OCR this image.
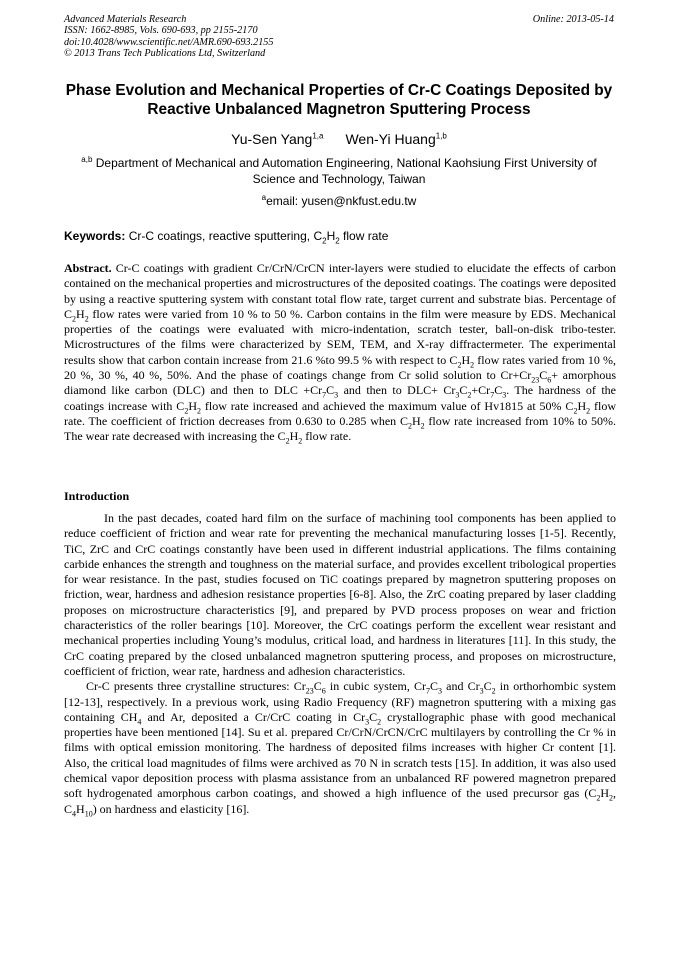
Advanced Materials Research
ISSN: 1662-8985, Vols. 690-693, pp 2155-2170
doi:10.4028/www.scientific.net/AMR.690-693.2155
© 2013 Trans Tech Publications Ltd, Switzerland
Online: 2013-05-14
Phase Evolution and Mechanical Properties of Cr-C Coatings Deposited by Reactive Unbalanced Magnetron Sputtering Process
Yu-Sen Yang$^{1,a}$ Wen-Yi Huang$^{1,b}$
$^{a,b}$ Department of Mechanical and Automation Engineering, National Kaohsiung First University of Science and Technology, Taiwan
$^a$email: yusen@nkfust.edu.tw
Keywords: Cr-C coatings, reactive sputtering, $C_2H_2$ flow rate
Abstract. Cr-C coatings with gradient Cr/CrN/CrCN inter-layers were studied to elucidate the effects of carbon contained on the mechanical properties and microstructures of the deposited coatings. The coatings were deposited by using a reactive sputtering system with constant total flow rate, target current and substrate bias. Percentage of $C_2H_2$ flow rates were varied from 10 % to 50 %. Carbon contains in the film were measure by EDS. Mechanical properties of the coatings were evaluated with micro-indentation, scratch tester, ball-on-disk tribo-tester. Microstructures of the films were characterized by SEM, TEM, and X-ray diffractermeter. The experimental results show that carbon contain increase from 21.6 %to 99.5 % with respect to $C_2H_2$ flow rates varied from 10 %, 20 %, 30 %, 40 %, 50%. And the phase of coatings change from Cr solid solution to $Cr+Cr_{23}C_6+$ amorphous diamond like carbon (DLC) and then to DLC $+Cr_7C_3$ and then to $DLC+ Cr_3C_2+Cr_7C_3$. The hardness of the coatings increase with $C_2H_2$ flow rate increased and achieved the maximum value of Hv1815 at 50% $C_2H_2$ flow rate. The coefficient of friction decreases from 0.630 to 0.285 when $C_2H_2$ flow rate increased from 10% to 50%. The wear rate decreased with increasing the $C_2H_2$ flow rate.
Introduction

In the past decades, coated hard film on the surface of machining tool components has been applied to reduce coefficient of friction and wear rate for preventing the mechanical manufacturing losses [1-5]. Recently, TiC, ZrC and CrC coatings constantly have been used in different industrial applications. The films containing carbide enhances the strength and toughness on the material surface, and provides excellent tribological properties for wear resistance. In the past, studies focused on TiC coatings prepared by magnetron sputtering proposes on friction, wear, hardness and adhesion resistance properties [6-8]. Also, the ZrC coating prepared by laser cladding proposes on microstructure characteristics [9], and prepared by PVD process proposes on wear and friction characteristics of the roller bearings [10]. Moreover, the CrC coatings perform the excellent wear resistant and mechanical properties including Young’s modulus, critical load, and hardness in literatures [11]. In this study, the CrC coating prepared by the closed unbalanced magnetron sputtering process, and proposes on microstructure, coefficient of friction, wear rate, hardness and adhesion characteristics.

Cr-C presents three crystalline structures: $Cr_{23}C_6$ in cubic system, $Cr_7C_3$ and $Cr_3C_2$ in orthorhombic system [12-13], respectively. In a previous work, using Radio Frequency (RF) magnetron sputtering with a mixing gas containing $CH_4$ and Ar, deposited a Cr/CrC coating in $Cr_3C_2$ crystallographic phase with good mechanical properties have been mentioned [14]. Su et al. prepared Cr/CrN/CrCN/CrC multilayers by controlling the Cr % in films with optical emission monitoring. The hardness of deposited films increases with higher Cr content [1]. Also, the critical load magnitudes of films were archived as 70 N in scratch tests [15]. In addition, it was also used chemical vapor deposition process with plasma assistance from an unbalanced RF powered magnetron prepared soft hydrogenated amorphous carbon coatings, and showed a high influence of the used precursor gas ($C_2H_2$, $C_4H_{10}$) on hardness and elasticity [16].
